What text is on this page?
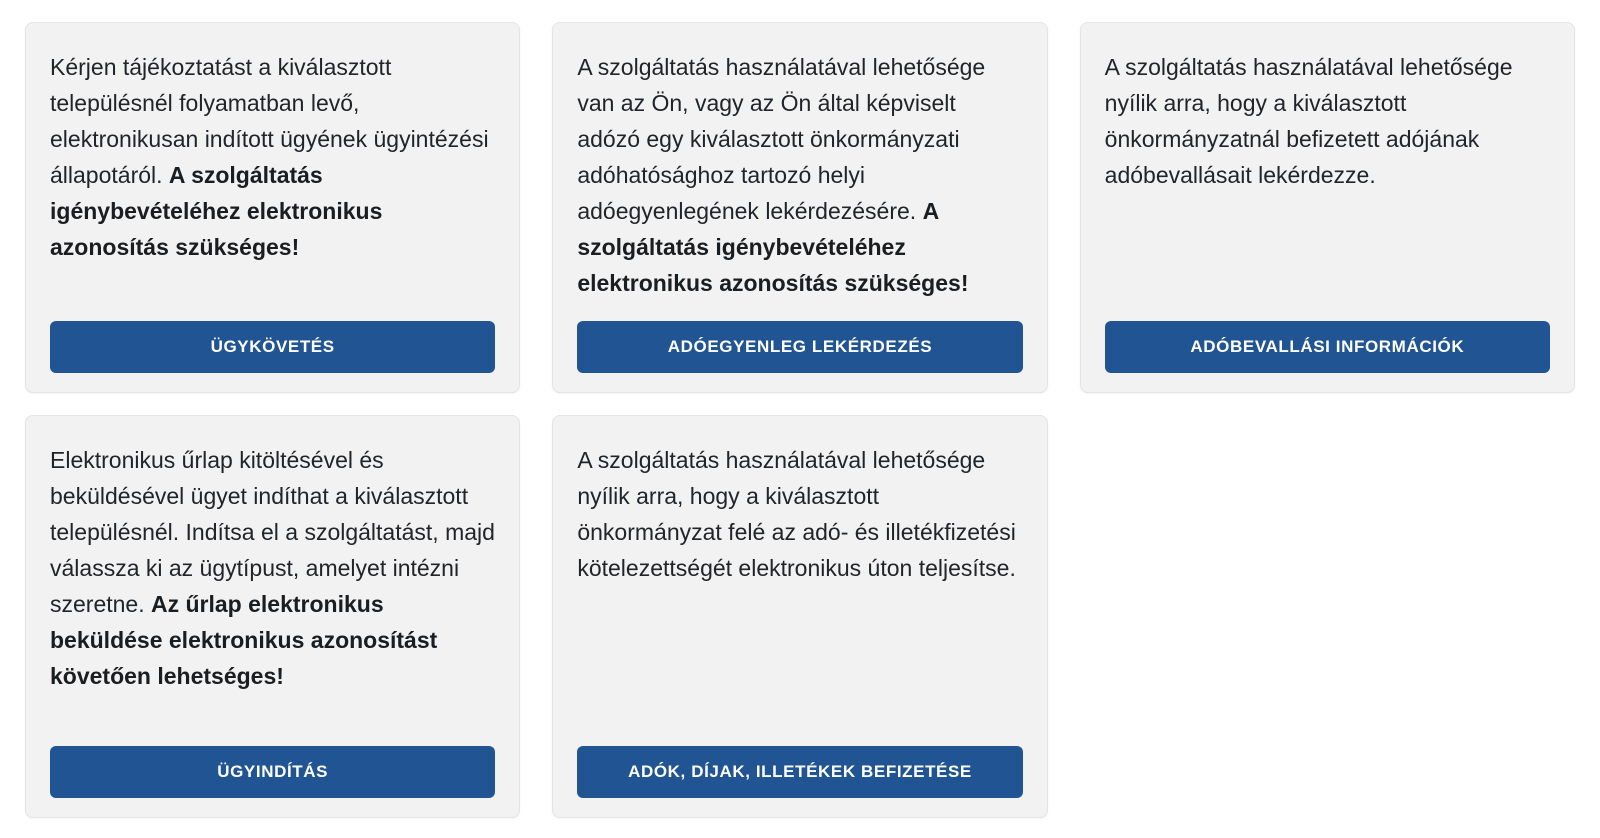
Kérjen tájékoztatást a kiválasztott településnél folyamatban levő, elektronikusan indított ügyének ügyintézési állapotáról. A szolgáltatás igénybevételéhez elektronikus azonosítás szükséges!

ÜGYKÖVETÉS

A szolgáltatás használatával lehetősége van az Ön, vagy az Ön által képviselt adózó egy kiválasztott önkormányzati adóhatósághoz tartozó helyi adóegyenlegének lekérdezésére. A szolgáltatás igénybevételéhez elektronikus azonosítás szükséges!

ADÓEGYENLEG LEKÉRDEZÉS

A szolgáltatás használatával lehetősége nyílik arra, hogy a kiválasztott önkormányzatnál befizetett adójának adóbevallásait lekérdezze.

ADÓBEVALLÁSI INFORMÁCIÓK

Elektronikus űrlap kitöltésével és beküldésével ügyet indíthat a kiválasztott településnél. Indítsa el a szolgáltatást, majd válassza ki az ügytípust, amelyet intézni szeretne. Az űrlap elektronikus beküldése elektronikus azonosítást követően lehetséges!

ÜGYINDÍTÁS

A szolgáltatás használatával lehetősége nyílik arra, hogy a kiválasztott önkormányzat felé az adó- és illetékfizetési kötelezettségét elektronikus úton teljesítse.

ADÓK, DÍJAK, ILLETÉKEK BEFIZETÉSE
